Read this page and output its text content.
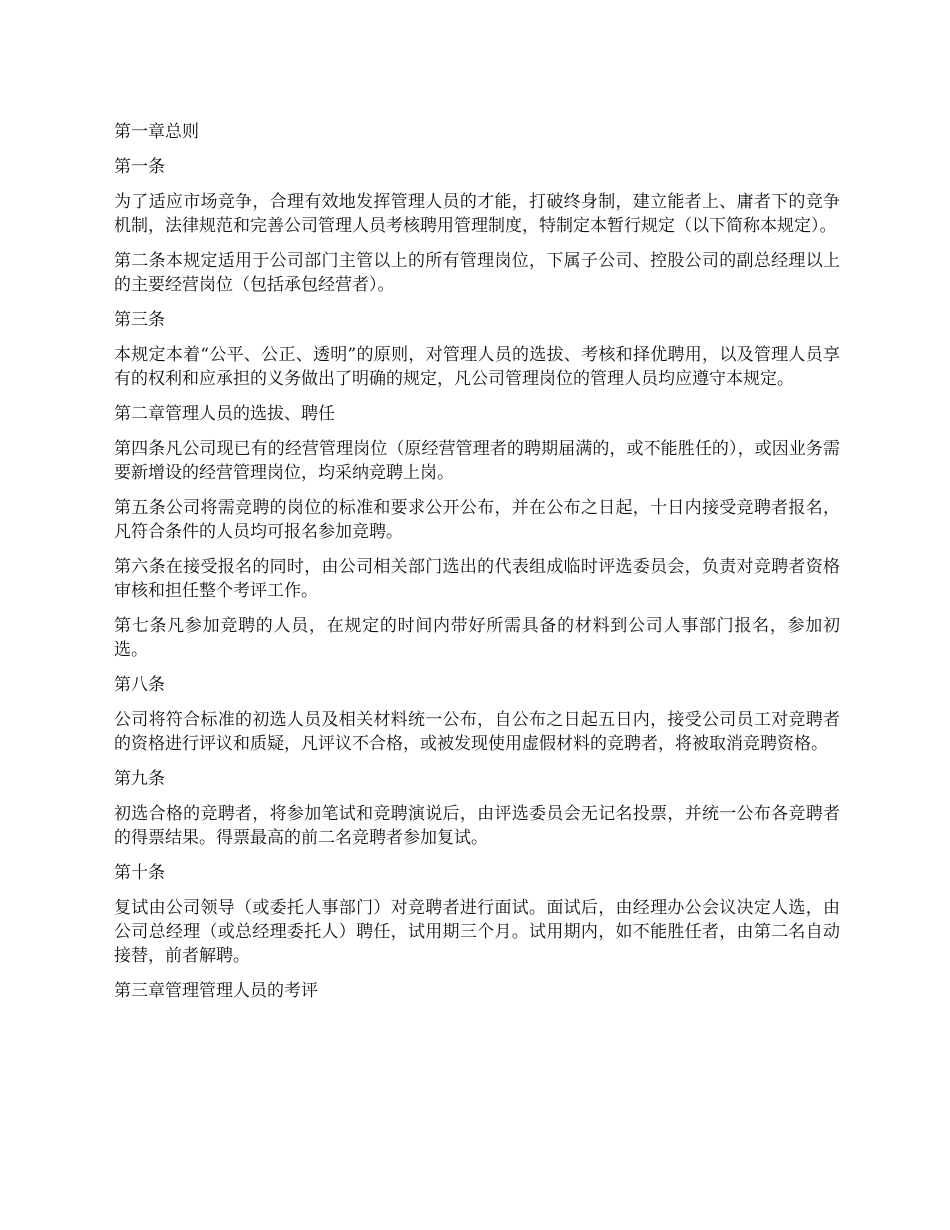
第一章总则

第一条

为了适应市场竞争，合理有效地发挥管理人员的才能，打破终身制，建立能者上、庸者下的竞争机制，法律规范和完善公司管理人员考核聘用管理制度，特制定本暂行规定（以下简称本规定）。

第二条本规定适用于公司部门主管以上的所有管理岗位，下属子公司、控股公司的副总经理以上的主要经营岗位（包括承包经营者）。

第三条

本规定本着“公平、公正、透明”的原则，对管理人员的选拔、考核和择优聘用，以及管理人员享有的权利和应承担的义务做出了明确的规定，凡公司管理岗位的管理人员均应遵守本规定。

第二章管理人员的选拔、聘任

第四条凡公司现已有的经营管理岗位（原经营管理者的聘期届满的，或不能胜任的），或因业务需要新增设的经营管理岗位，均采纳竞聘上岗。

第五条公司将需竞聘的岗位的标准和要求公开公布，并在公布之日起，十日内接受竞聘者报名，凡符合条件的人员均可报名参加竞聘。

第六条在接受报名的同时，由公司相关部门选出的代表组成临时评选委员会，负责对竞聘者资格审核和担任整个考评工作。

第七条凡参加竞聘的人员，在规定的时间内带好所需具备的材料到公司人事部门报名，参加初选。

第八条

公司将符合标准的初选人员及相关材料统一公布，自公布之日起五日内，接受公司员工对竞聘者的资格进行评议和质疑，凡评议不合格，或被发现使用虚假材料的竞聘者，将被取消竞聘资格。

第九条

初选合格的竞聘者，将参加笔试和竞聘演说后，由评选委员会无记名投票，并统一公布各竞聘者的得票结果。得票最高的前二名竞聘者参加复试。

第十条

复试由公司领导（或委托人事部门）对竞聘者进行面试。面试后，由经理办公会议决定人选，由公司总经理（或总经理委托人）聘任，试用期三个月。试用期内，如不能胜任者，由第二名自动接替，前者解聘。

第三章管理管理人员的考评
